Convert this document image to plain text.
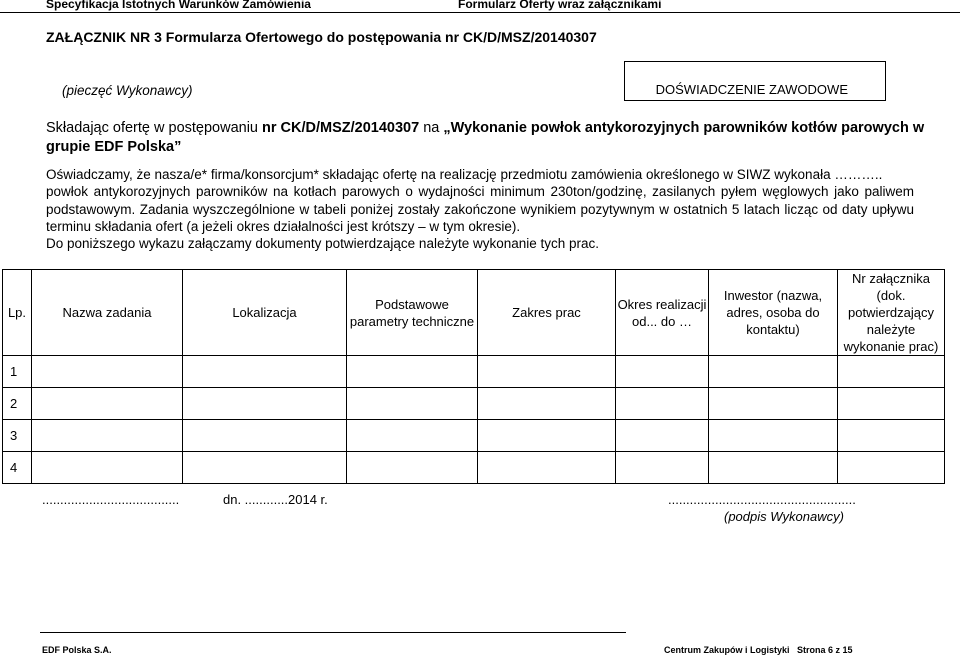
Specyfikacja Istotnych Warunków Zamówienia	Formularz Oferty wraz załącznikami
ZAŁĄCZNIK NR 3 Formularza Ofertowego do postępowania nr CK/D/MSZ/20140307
(pieczęć Wykonawcy)	DOŚWIADCZENIE ZAWODOWE
Składając ofertę w postępowaniu nr CK/D/MSZ/20140307 na „Wykonanie powłok antykorozyjnych parowników kotłów parowych w grupie EDF Polska”
Oświadczamy, że nasza/e* firma/konsorcjum* składając ofertę na realizację przedmiotu zamówienia określonego w SIWZ wykonała ………..
powłok antykorozyjnych parowników na kotłach parowych o wydajności minimum 230ton/godzinę, zasilanych pyłem węglowych jako paliwem podstawowym. Zadania wyszczególnione w tabeli poniżej zostały zakończone wynikiem pozytywnym w ostatnich 5 latach licząc od daty upływu terminu składania ofert (a jeżeli okres działalności jest krótszy – w tym okresie).
Do poniższego wykazu załączamy dokumenty potwierdzające należyte wykonanie tych prac.
Lp.	Nazwa zadania	Lokalizacja	Podstawowe parametry techniczne	Zakres prac	Okres realizacji od... do …	Inwestor (nazwa, adres, osoba do kontaktu)	Nr załącznika (dok. potwierdzający należyte wykonanie prac)
1							
2							
3							
4							
......................................	dn. ............2014 r.	....................................................
(podpis Wykonawcy)
EDF Polska S.A.	Centrum Zakupów i Logistyki   Strona 6 z 15
